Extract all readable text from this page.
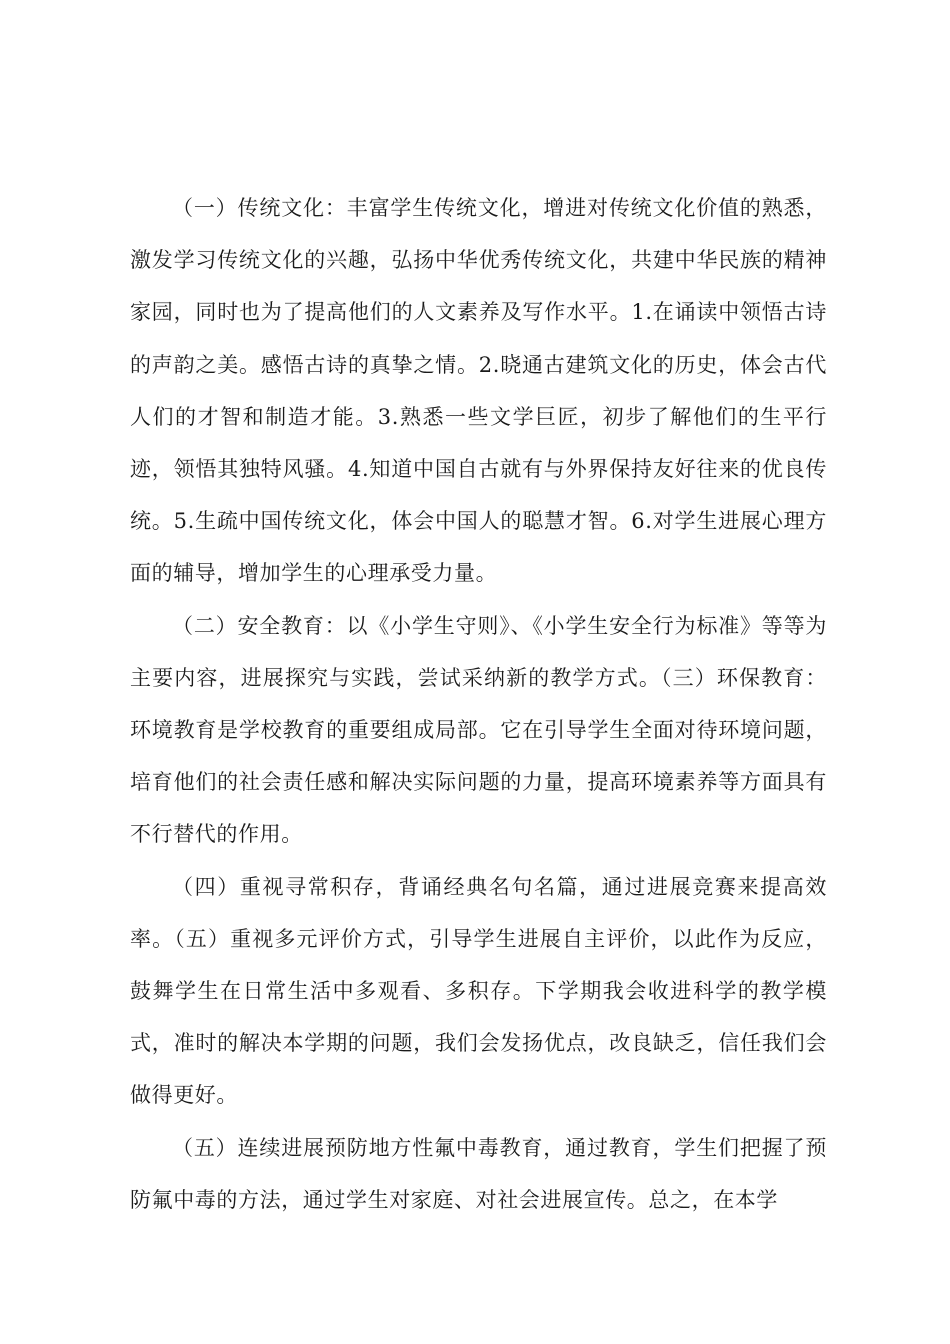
（一）传统文化：丰富学生传统文化，增进对传统文化价值的熟悉，激发学习传统文化的兴趣，弘扬中华优秀传统文化，共建中华民族的精神家园，同时也为了提高他们的人文素养及写作水平。1.在诵读中领悟古诗的声韵之美。感悟古诗的真挚之情。2.晓通古建筑文化的历史，体会古代人们的才智和制造才能。3.熟悉一些文学巨匠，初步了解他们的生平行迹，领悟其独特风骚。4.知道中国自古就有与外界保持友好往来的优良传统。5.生疏中国传统文化，体会中国人的聪慧才智。6.对学生进展心理方面的辅导，增加学生的心理承受力量。

（二）安全教育：以《小学生守则》、《小学生安全行为标准》等等为主要内容，进展探究与实践，尝试采纳新的教学方式。（三）环保教育：环境教育是学校教育的重要组成局部。它在引导学生全面对待环境问题，培育他们的社会责任感和解决实际问题的力量，提高环境素养等方面具有不行替代的作用。

（四）重视寻常积存，背诵经典名句名篇，通过进展竞赛来提高效率。（五）重视多元评价方式，引导学生进展自主评价，以此作为反应，鼓舞学生在日常生活中多观看、多积存。下学期我会收进科学的教学模式，准时的解决本学期的问题，我们会发扬优点，改良缺乏，信任我们会做得更好。

（五）连续进展预防地方性氟中毒教育，通过教育，学生们把握了预防氟中毒的方法，通过学生对家庭、对社会进展宣传。总之，在本学
